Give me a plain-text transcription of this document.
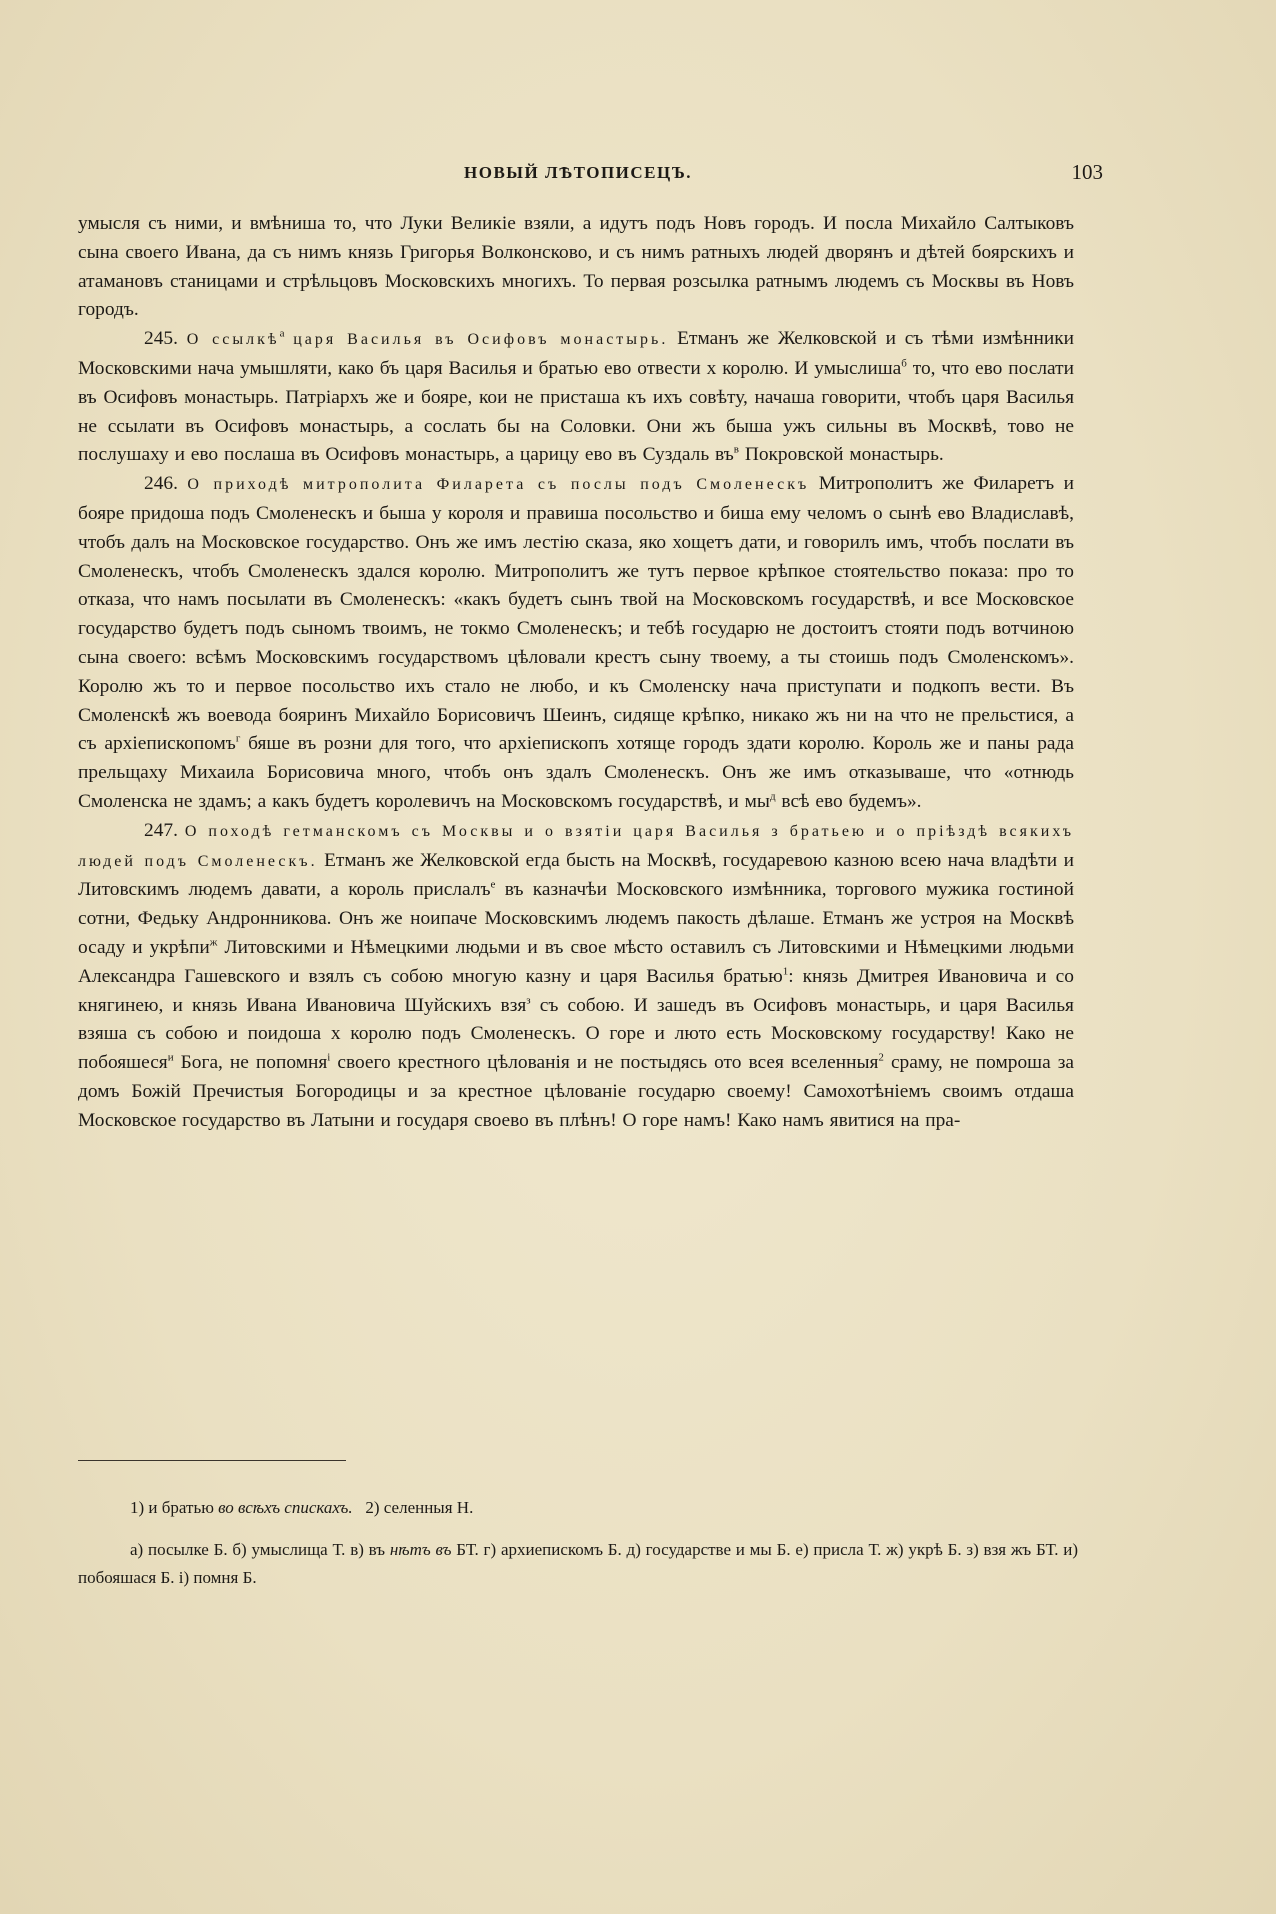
НОВЫЙ ЛѢТОПИСЕЦЪ.	103

умысля съ ними, и вмѣниша то, что Луки Великіе взяли, а идутъ подъ Новъ городъ. И посла Михайло Салтыковъ сына своего Ивана, да съ нимъ князь Григорья Волконсково, и съ нимъ ратныхъ людей дворянъ и дѣтей боярскихъ и атамановъ станицами и стрѣльцовъ Московскихъ многихъ. То первая розсылка ратнымъ людемъ съ Москвы въ Новъ городъ.

245. О ссылкѣ$^а$ царя Василья въ Осифовъ монастырь. Етманъ же Желковской и съ тѣми измѣнники Московскими нача умышляти, како бъ царя Василья и братью ево отвести х королю. И умыслиша$^б$ то, что ево послати въ Осифовъ монастырь. Патріархъ же и бояре, кои не присташа къ ихъ совѣту, начаша говорити, чтобъ царя Василья не ссылати въ Осифовъ монастырь, а сослать бы на Соловки. Они жъ быша ужъ сильны въ Москвѣ, тово не послушаху и ево послаша въ Осифовъ монастырь, а царицу ево въ Суздаль $въ^в$ Покровской монастырь.

246. О приходѣ митрополита Филарета съ послы подъ Смоленескъ Митрополитъ же Филаретъ и бояре придоша подъ Смоленескъ и быша у короля и правиша посольство и биша ему челомъ о сынѣ ево Владиславѣ, чтобъ далъ на Московское государство. Онъ же имъ лестію сказа, яко хощетъ дати, и говорилъ имъ, чтобъ послати въ Смоленескъ, чтобъ Смоленескъ здался королю. Митрополитъ же тутъ первое крѣпкое стоятельство показа: про то отказа, что намъ посылати въ Смоленескъ: «какъ будетъ сынъ твой на Московскомъ государствѣ, и все Московское государство будетъ подъ сыномъ твоимъ, не токмо Смоленескъ; и тебѣ государю не достоитъ стояти подъ вотчиною сына своего: всѣмъ Московскимъ государствомъ цѣловали крестъ сыну твоему, а ты стоишь подъ Смоленскомъ». Королю жъ то и первое посольство ихъ стало не любо, и къ Смоленску нача приступати и подкопъ вести. Въ Смоленскѣ жъ воевода бояринъ Михайло Борисовичъ Шеинъ, сидяще крѣпко, никако жъ ни на что не прельстися, а съ архіепископомъ$^г$ бяше въ розни для того, что архіепископъ хотяще городъ здати королю. Король же и паны рада прельщаху Михаила Борисовича много, чтобъ онъ здалъ Смоленескъ. Онъ же имъ отказываше, что «отнюдь Смоленска не здамъ; а какъ будетъ королевичъ на Московскомъ государствѣ, и $мы^д$ всѣ ево будемъ».

247. О походѣ гетманскомъ съ Москвы и о взятіи царя Василья з братьею и о пріѣздѣ всякихъ людей подъ Смоленескъ. Етманъ же Желковской егда бысть на Москвѣ, государевою казною всею нача владѣти и Литовскимъ людемъ давати, а король прислалъ$^е$ въ казначѣи Московского измѣнника, торгового мужика гостиной сотни, Федьку Андронникова. Онъ же ноипаче Московскимъ людемъ пакость дѣлаше. Етманъ же устроя на Москвѣ осаду и укрѣпи$^ж$ Литовскими и Нѣмецкими людьми и въ свое мѣсто оставилъ съ Литовскими и Нѣмецкими людьми Александра Гашевского и взялъ съ собою многую казну и царя Василья братью$^1$: князь Дмитрея Ивановича и со княгинею, и князь Ивана Ивановича Шуйскихъ взя$^з$ съ собою. И зашедъ въ Осифовъ монастырь, и царя Василья взяша съ собою и поидоша х королю подъ Смоленескъ. О горе и люто есть Московскому государству! Како не побояшеся$^и$ Бога, не попомня$^і$ своего крестного цѣлованія и не постыдясь ото всея вселенныя$^2$ сраму, не помроша за домъ Божій Пречистыя Богородицы и за крестное цѣлованіе государю своему! Самохотѣніемъ своимъ отдаша Московское государство въ Латыни и государя своево въ плѣнъ! О горе намъ! Како намъ явитися на пра-

1) и братью во всѣхъ спискахъ. 2) селенныя Н.
а) посылке Б. б) умыслища Т. в) въ нѣтъ въ БТ. г) архиепискомъ Б. д) государстве и мы Б. е) присла Т. ж) укрѣ Б. з) взя жъ БТ. и) побояшася Б. і) помня Б.
